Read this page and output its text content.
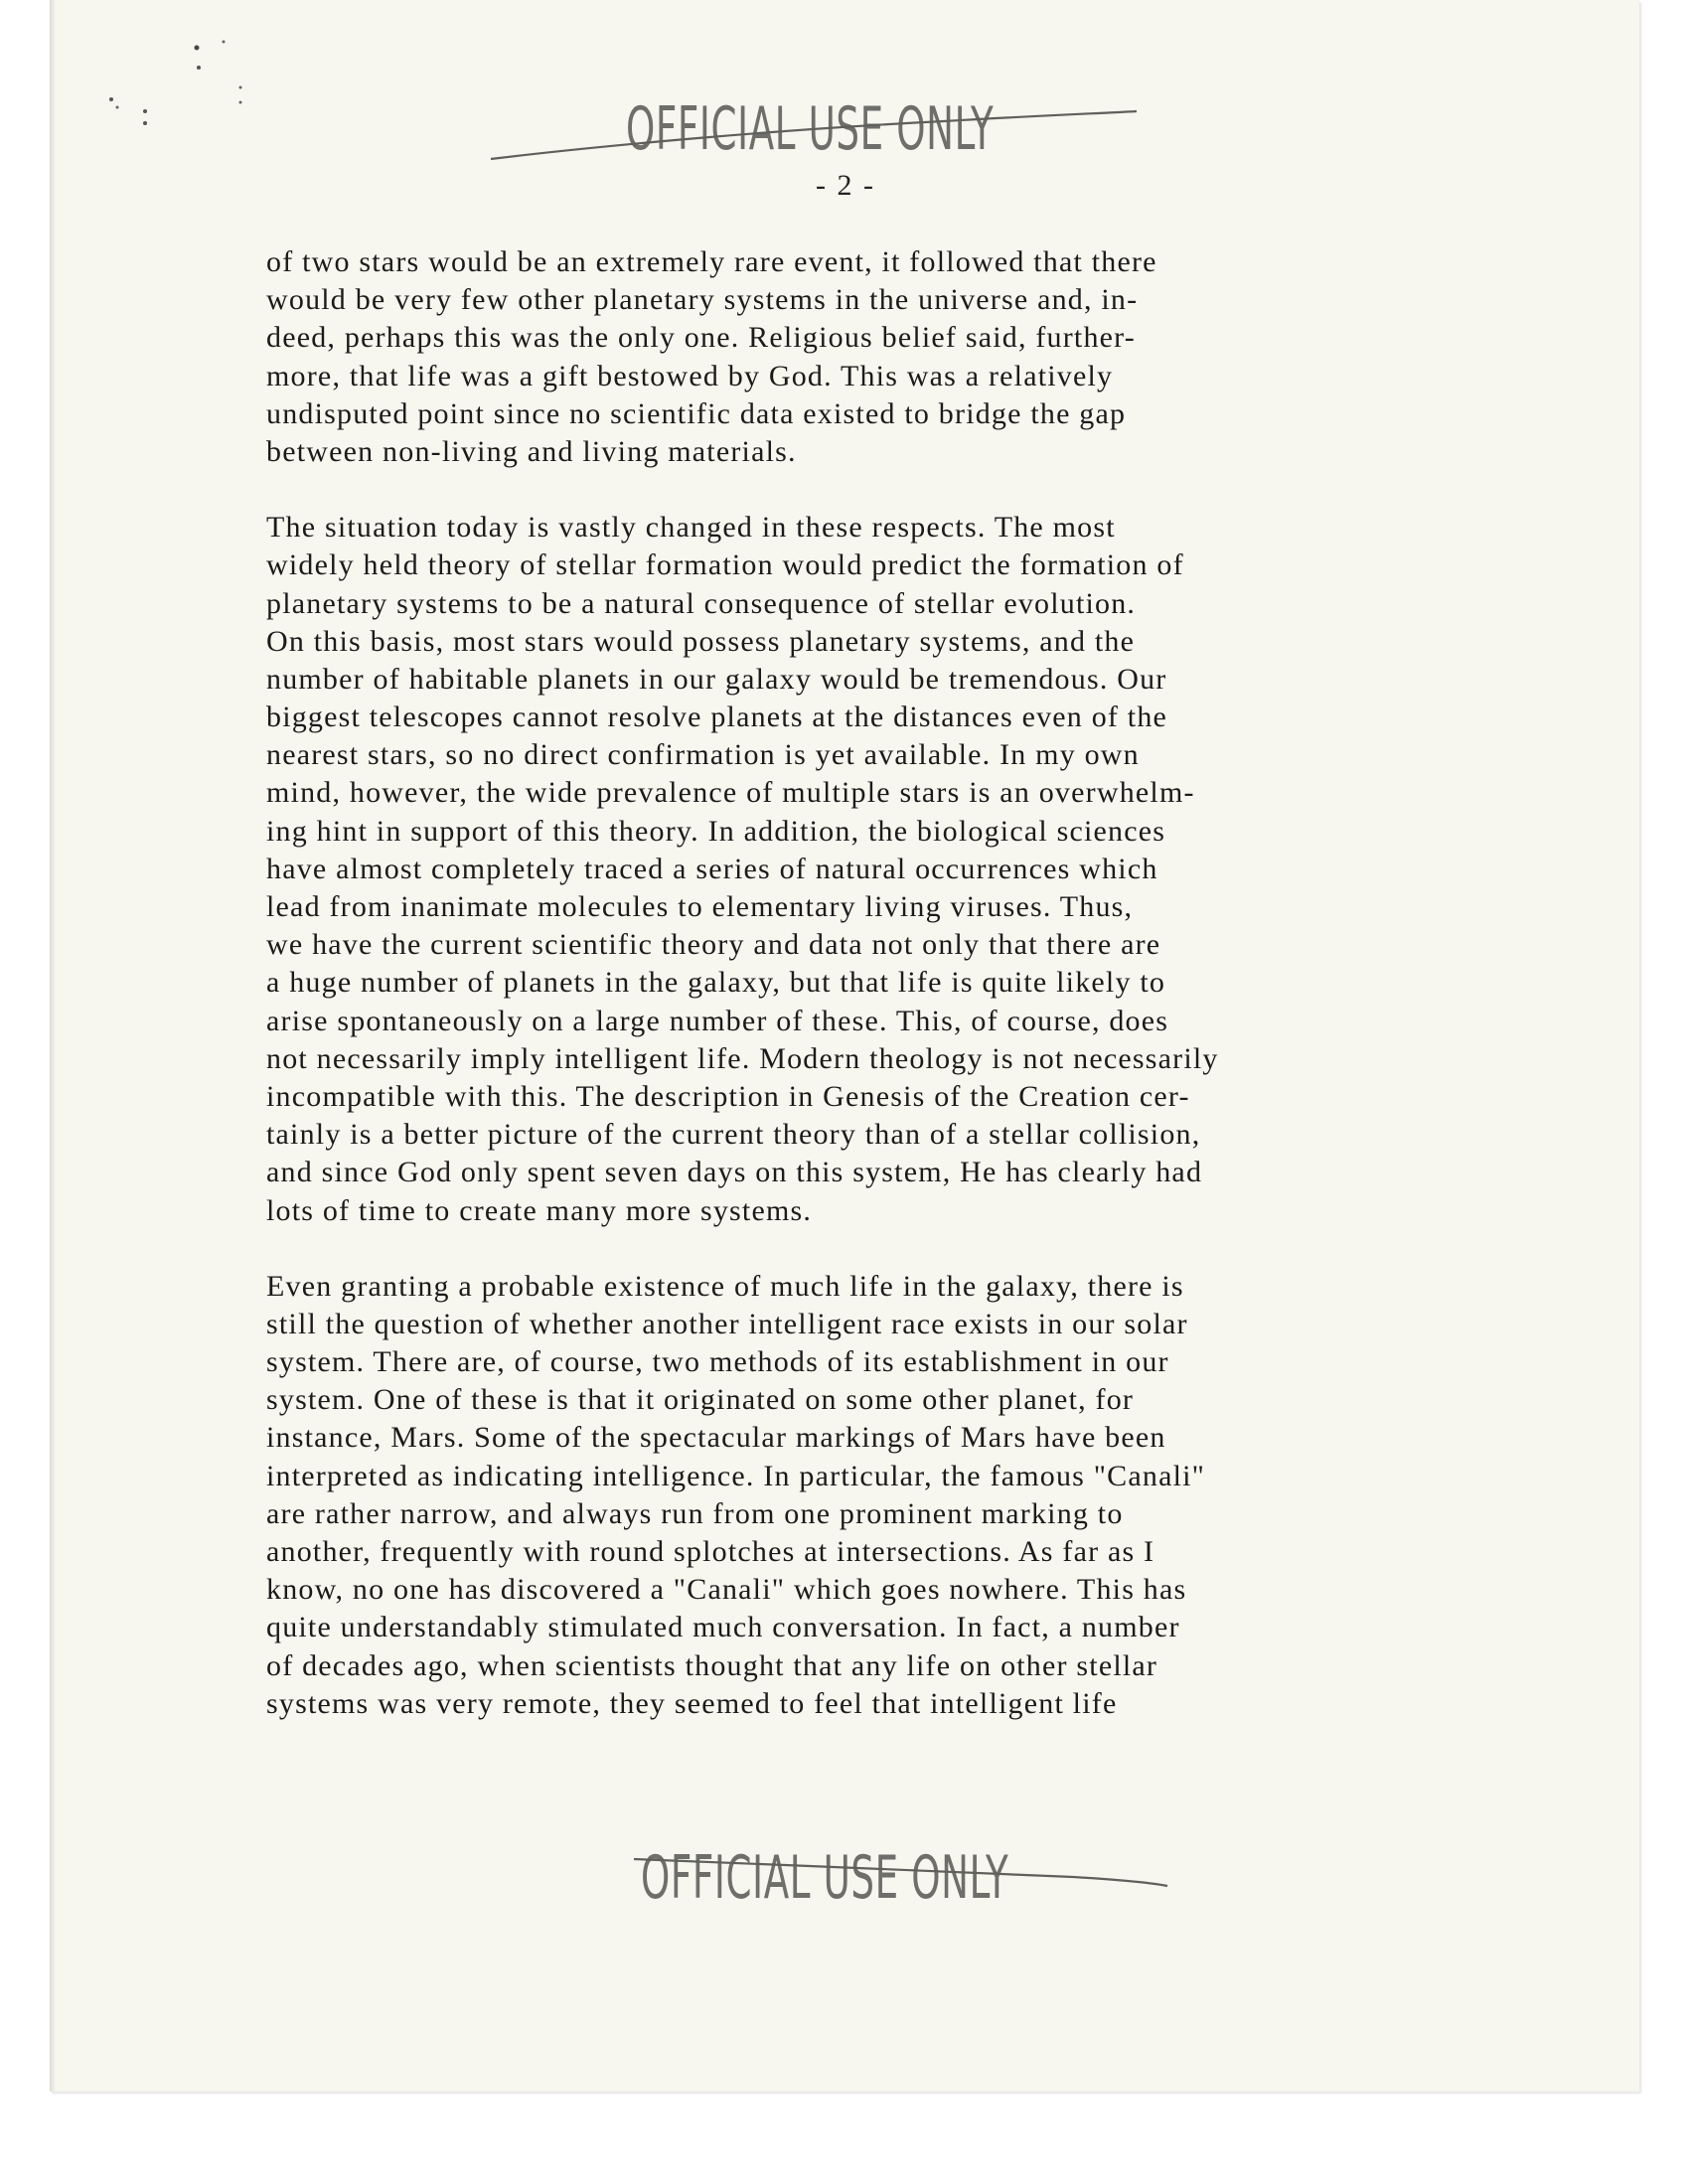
OFFICIAL USE ONLY
- 2 -
of two stars would be an extremely rare event, it followed that there
would be very few other planetary systems in the universe and, in-
deed, perhaps this was the only one. Religious belief said, further-
more, that life was a gift bestowed by God. This was a relatively
undisputed point since no scientific data existed to bridge the gap
between non-living and living materials.
The situation today is vastly changed in these respects. The most
widely held theory of stellar formation would predict the formation of
planetary systems to be a natural consequence of stellar evolution.
On this basis, most stars would possess planetary systems, and the
number of habitable planets in our galaxy would be tremendous. Our
biggest telescopes cannot resolve planets at the distances even of the
nearest stars, so no direct confirmation is yet available. In my own
mind, however, the wide prevalence of multiple stars is an overwhelm-
ing hint in support of this theory. In addition, the biological sciences
have almost completely traced a series of natural occurrences which
lead from inanimate molecules to elementary living viruses. Thus,
we have the current scientific theory and data not only that there are
a huge number of planets in the galaxy, but that life is quite likely to
arise spontaneously on a large number of these. This, of course, does
not necessarily imply intelligent life. Modern theology is not necessarily
incompatible with this. The description in Genesis of the Creation cer-
tainly is a better picture of the current theory than of a stellar collision,
and since God only spent seven days on this system, He has clearly had
lots of time to create many more systems.
Even granting a probable existence of much life in the galaxy, there is
still the question of whether another intelligent race exists in our solar
system. There are, of course, two methods of its establishment in our
system. One of these is that it originated on some other planet, for
instance, Mars. Some of the spectacular markings of Mars have been
interpreted as indicating intelligence. In particular, the famous "Canali"
are rather narrow, and always run from one prominent marking to
another, frequently with round splotches at intersections. As far as I
know, no one has discovered a "Canali" which goes nowhere. This has
quite understandably stimulated much conversation. In fact, a number
of decades ago, when scientists thought that any life on other stellar
systems was very remote, they seemed to feel that intelligent life
OFFICIAL USE ONLY
